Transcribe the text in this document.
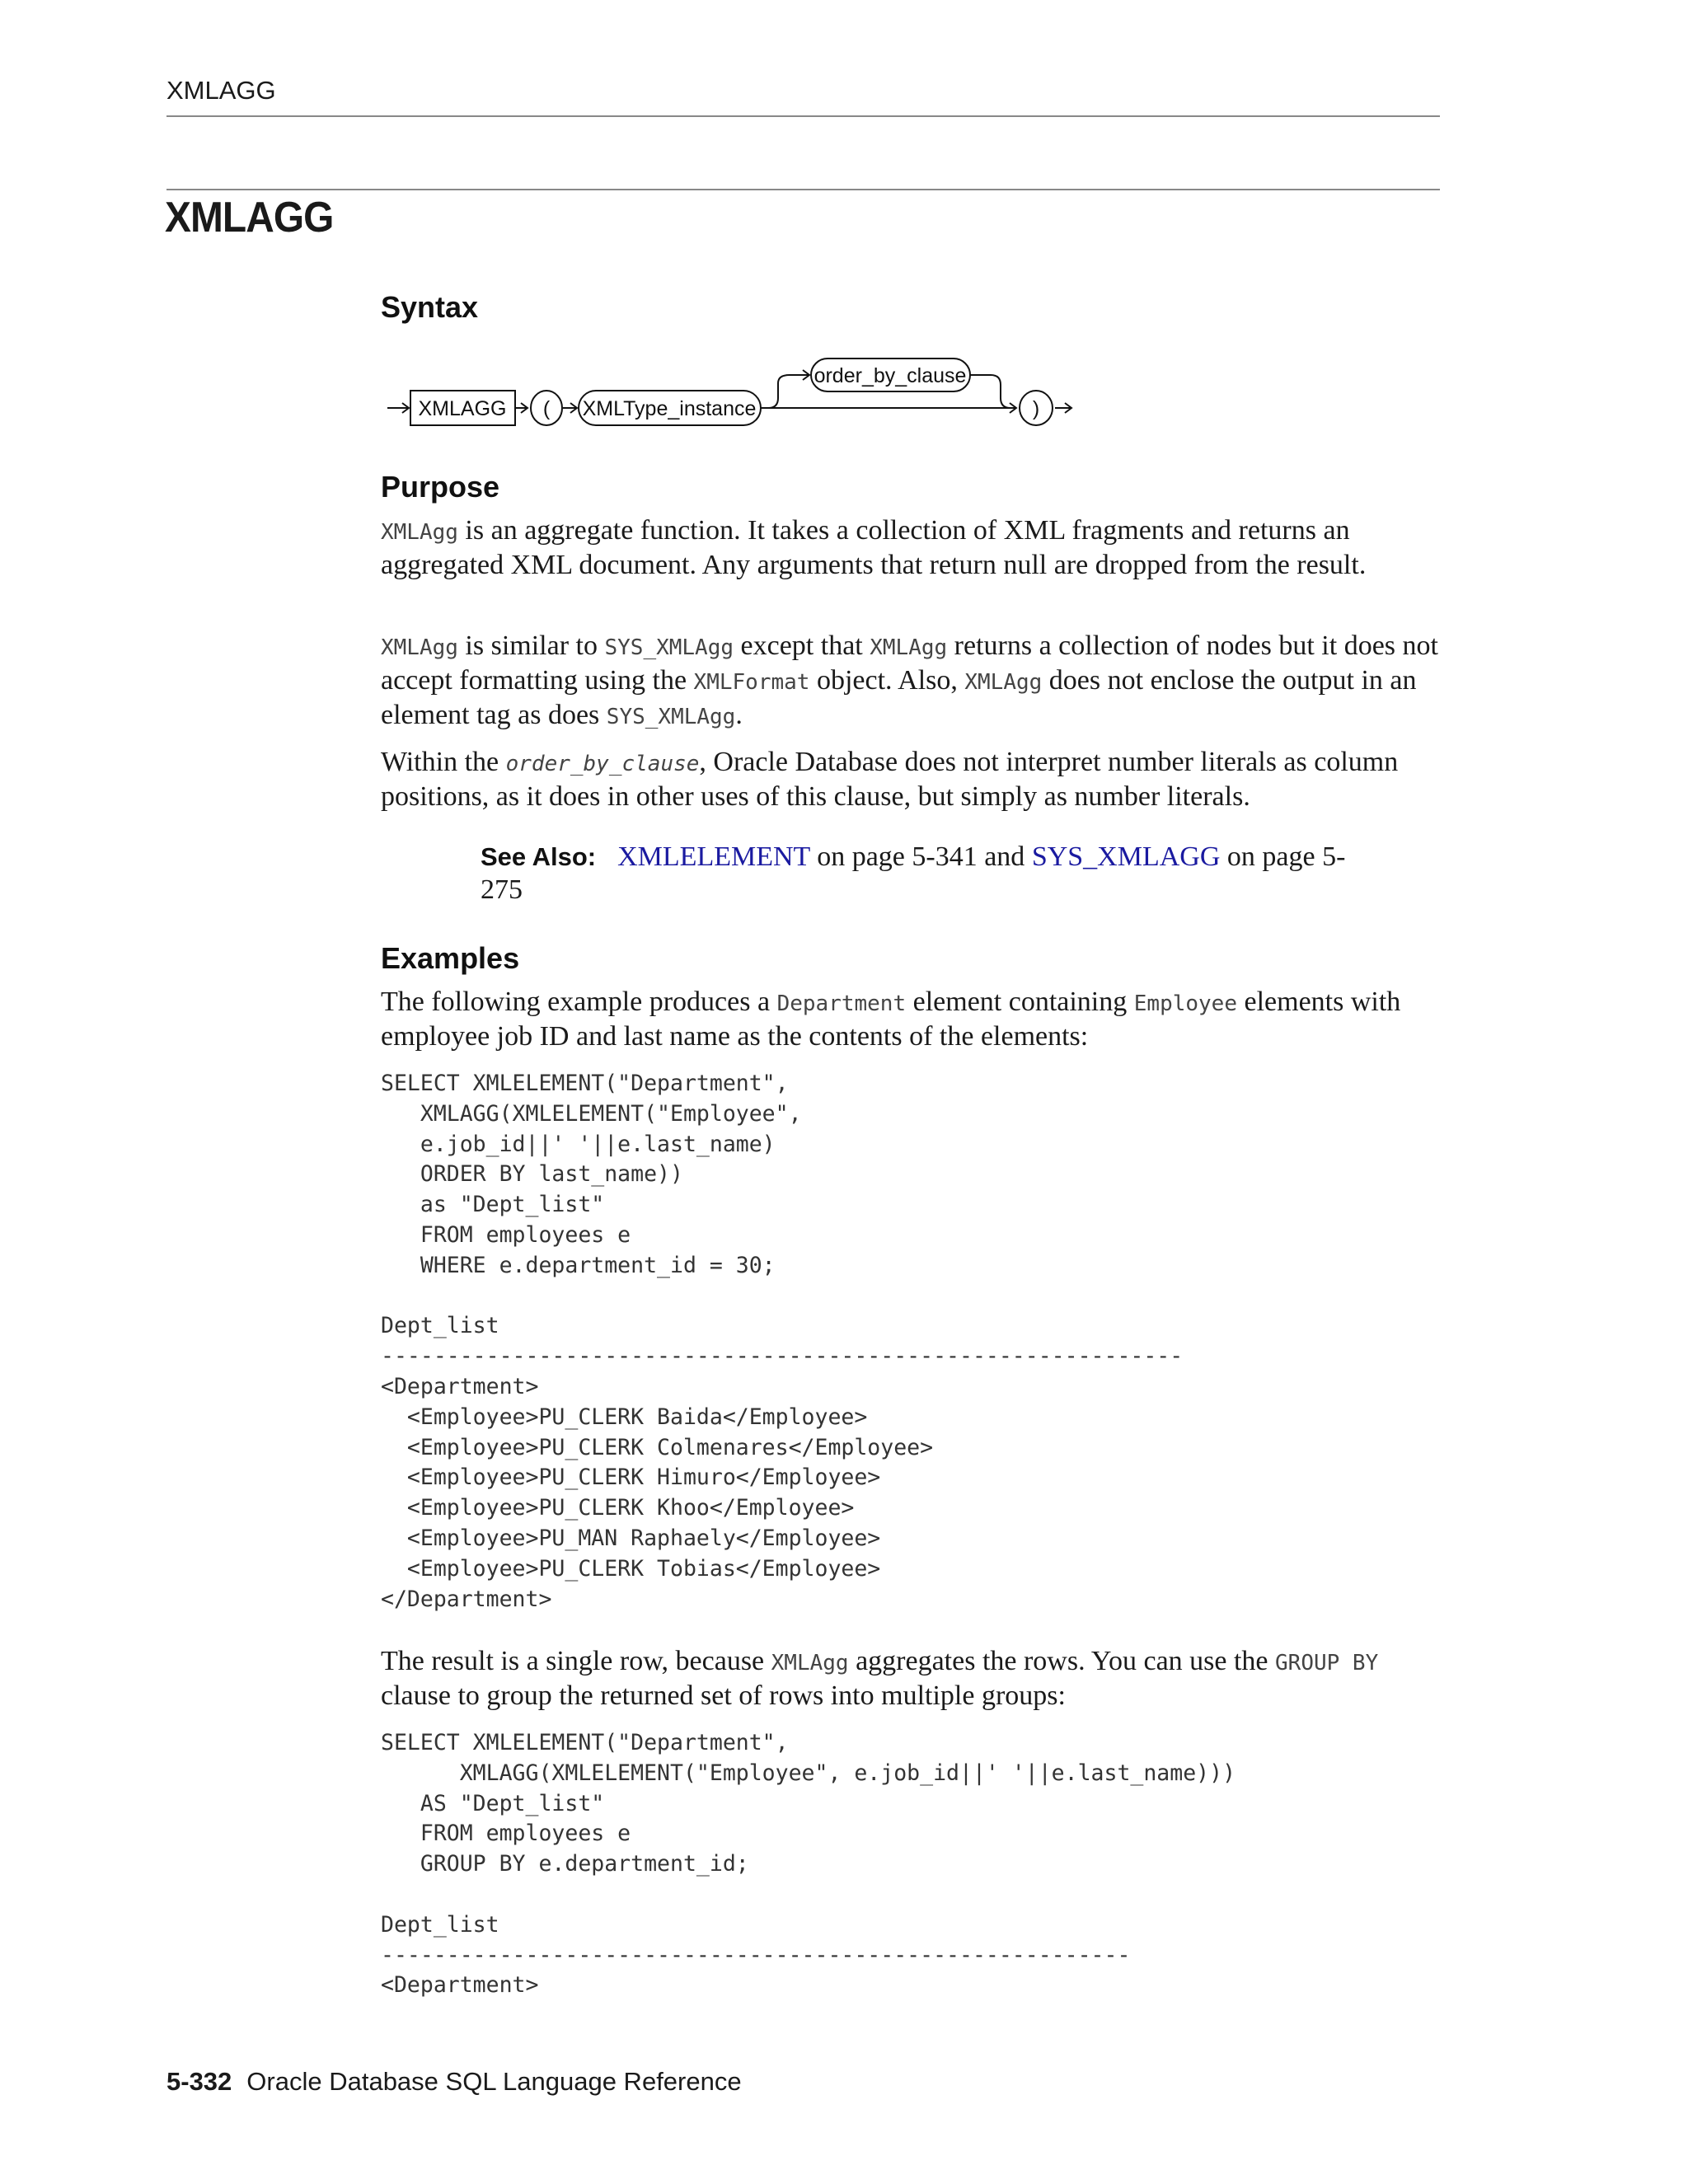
XMLAGG
XMLAGG
Syntax
XMLAGG ( XMLType_instance
order_by_clause
)
Purpose

XMLAgg is an aggregate function. It takes a collection of XML fragments and returns an aggregated XML document. Any arguments that return null are dropped from the result.

XMLAgg is similar to SYS_XMLAgg except that XMLAgg returns a collection of nodes but it does not accept formatting using the XMLFormat object. Also, XMLAgg does not enclose the output in an element tag as does SYS_XMLAgg.

Within the order_by_clause, Oracle Database does not interpret number literals as column positions, as it does in other uses of this clause, but simply as number literals.

See Also: XMLELEMENT on page 5-341 and SYS_XMLAGG on page 5-275
Examples

The following example produces a Department element containing Employee elements with employee job ID and last name as the contents of the elements:

SELECT XMLELEMENT("Department",
XMLAGG(XMLELEMENT("Employee",
e.job_id||' '||e.last_name)
ORDER BY last_name))
as "Dept_list"
FROM employees e
WHERE e.department_id = 30;

Dept_list
-------------------------------------------------------------
<Department>
<Employee>PU_CLERK Baida</Employee>
<Employee>PU_CLERK Colmenares</Employee>
<Employee>PU_CLERK Himuro</Employee>
<Employee>PU_CLERK Khoo</Employee>
<Employee>PU_MAN Raphaely</Employee>
<Employee>PU_CLERK Tobias</Employee>
</Department>

The result is a single row, because XMLAgg aggregates the rows. You can use the GROUP BY clause to group the returned set of rows into multiple groups:

SELECT XMLELEMENT("Department",
XMLAGG(XMLELEMENT("Employee", e.job_id||' '||e.last_name)))
AS "Dept_list"
FROM employees e
GROUP BY e.department_id;

Dept_list
---------------------------------------------------------
<Department>
5-332 Oracle Database SQL Language Reference
